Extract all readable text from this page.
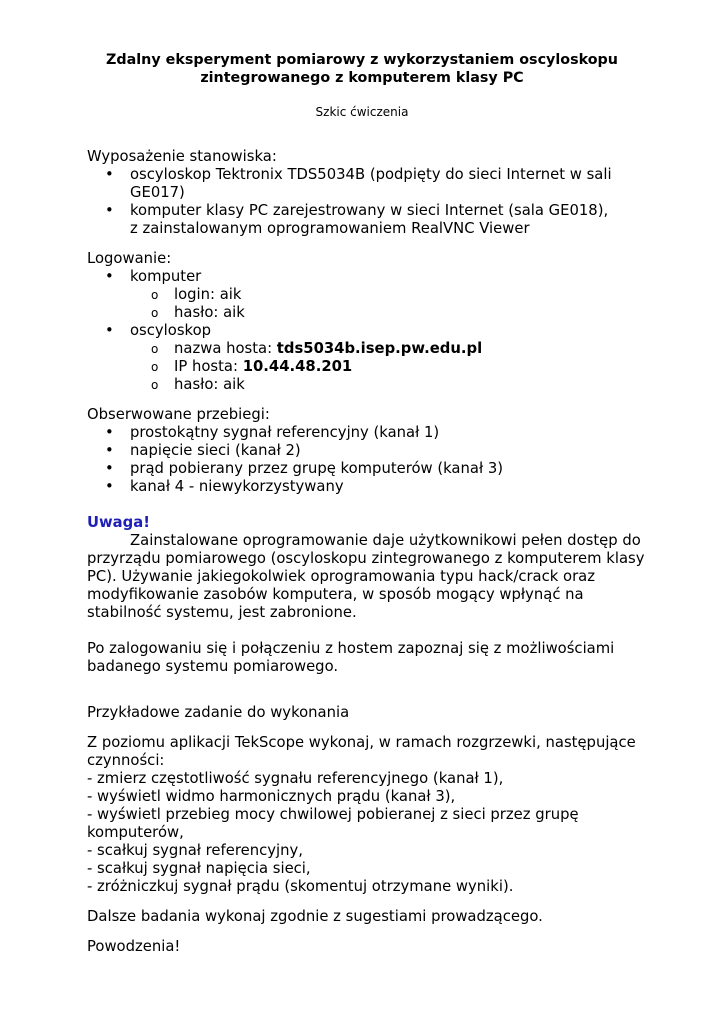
Zdalny eksperyment pomiarowy z wykorzystaniem oscyloskopu
zintegrowanego z komputerem klasy PC
Szkic ćwiczenia
Wyposażenie stanowiska:
• oscyloskop Tektronix TDS5034B (podpięty do sieci Internet w sali
GE017)
• komputer klasy PC zarejestrowany w sieci Internet (sala GE018),
z zainstalowanym oprogramowaniem RealVNC Viewer
Logowanie:
• komputer
o login: aik
o hasło: aik
• oscyloskop
o nazwa hosta: tds5034b.isep.pw.edu.pl
o IP hosta: 10.44.48.201
o hasło: aik
Obserwowane przebiegi:
• prostokątny sygnał referencyjny (kanał 1)
• napięcie sieci (kanał 2)
• prąd pobierany przez grupę komputerów (kanał 3)
• kanał 4 - niewykorzystywany
Uwaga!
Zainstalowane oprogramowanie daje użytkownikowi pełen dostęp do przyrządu pomiarowego (oscyloskopu zintegrowanego z komputerem klasy PC). Używanie jakiegokolwiek oprogramowania typu hack/crack oraz modyfikowanie zasobów komputera, w sposób mogący wpłynąć na stabilność systemu, jest zabronione.
Po zalogowaniu się i połączeniu z hostem zapoznaj się z możliwościami badanego systemu pomiarowego.
Przykładowe zadanie do wykonania
Z poziomu aplikacji TekScope wykonaj, w ramach rozgrzewki, następujące czynności:
- zmierz częstotliwość sygnału referencyjnego (kanał 1),
- wyświetl widmo harmonicznych prądu (kanał 3),
- wyświetl przebieg mocy chwilowej pobieranej z sieci przez grupę komputerów,
- scałkuj sygnał referencyjny,
- scałkuj sygnał napięcia sieci,
- zróżniczkuj sygnał prądu (skomentuj otrzymane wyniki).
Dalsze badania wykonaj zgodnie z sugestiami prowadzącego.
Powodzenia!
